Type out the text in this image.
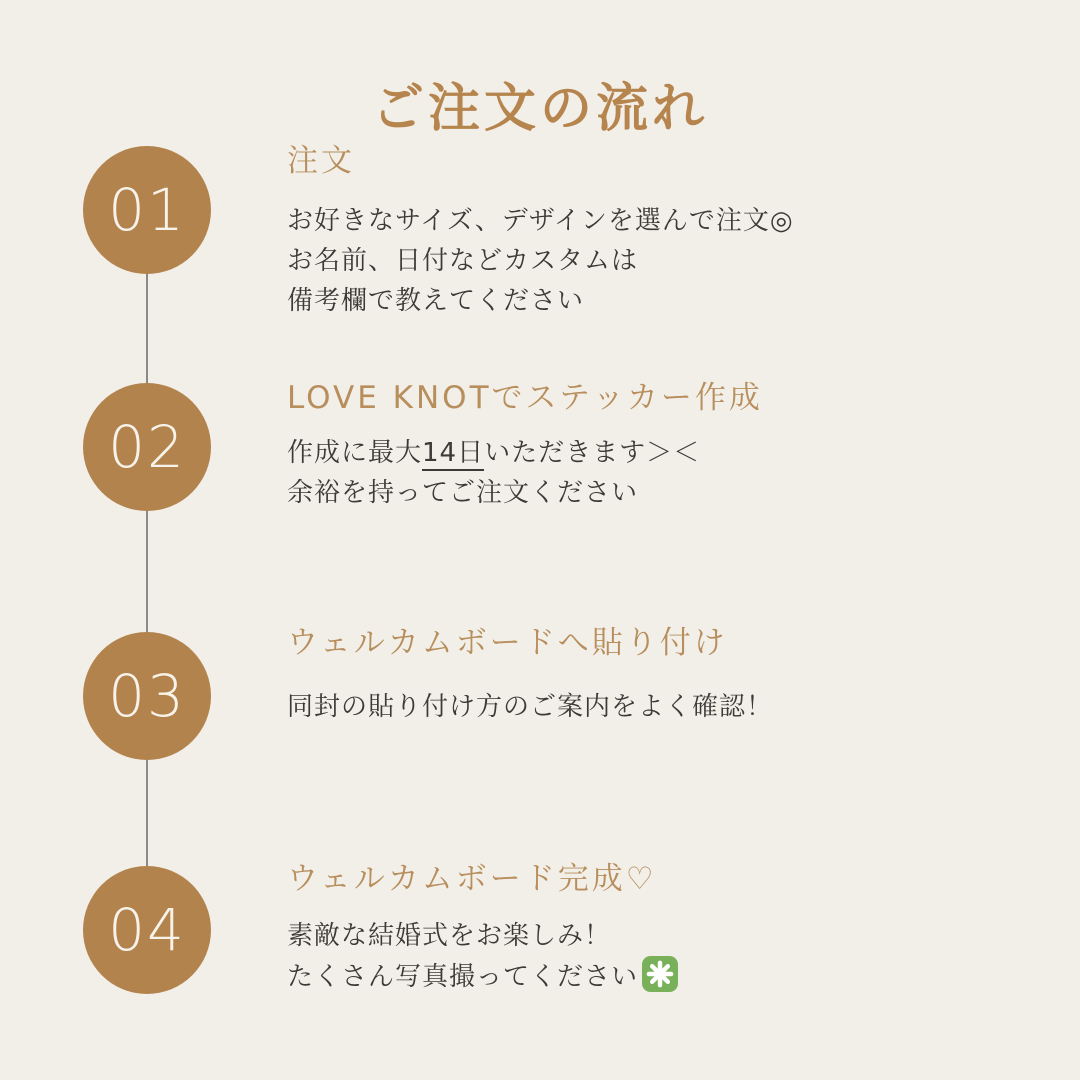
ご注文の流れ
01
注文
お好きなサイズ、デザインを選んで注文◎
お名前、日付などカスタムは
備考欄で教えてください
02
LOVE KNOTでステッカー作成
作成に最大14日いただきます＞＜
余裕を持ってご注文ください
03
ウェルカムボードへ貼り付け
同封の貼り付け方のご案内をよく確認！
04
ウェルカムボード完成♡
素敵な結婚式をお楽しみ！
たくさん写真撮ってください
